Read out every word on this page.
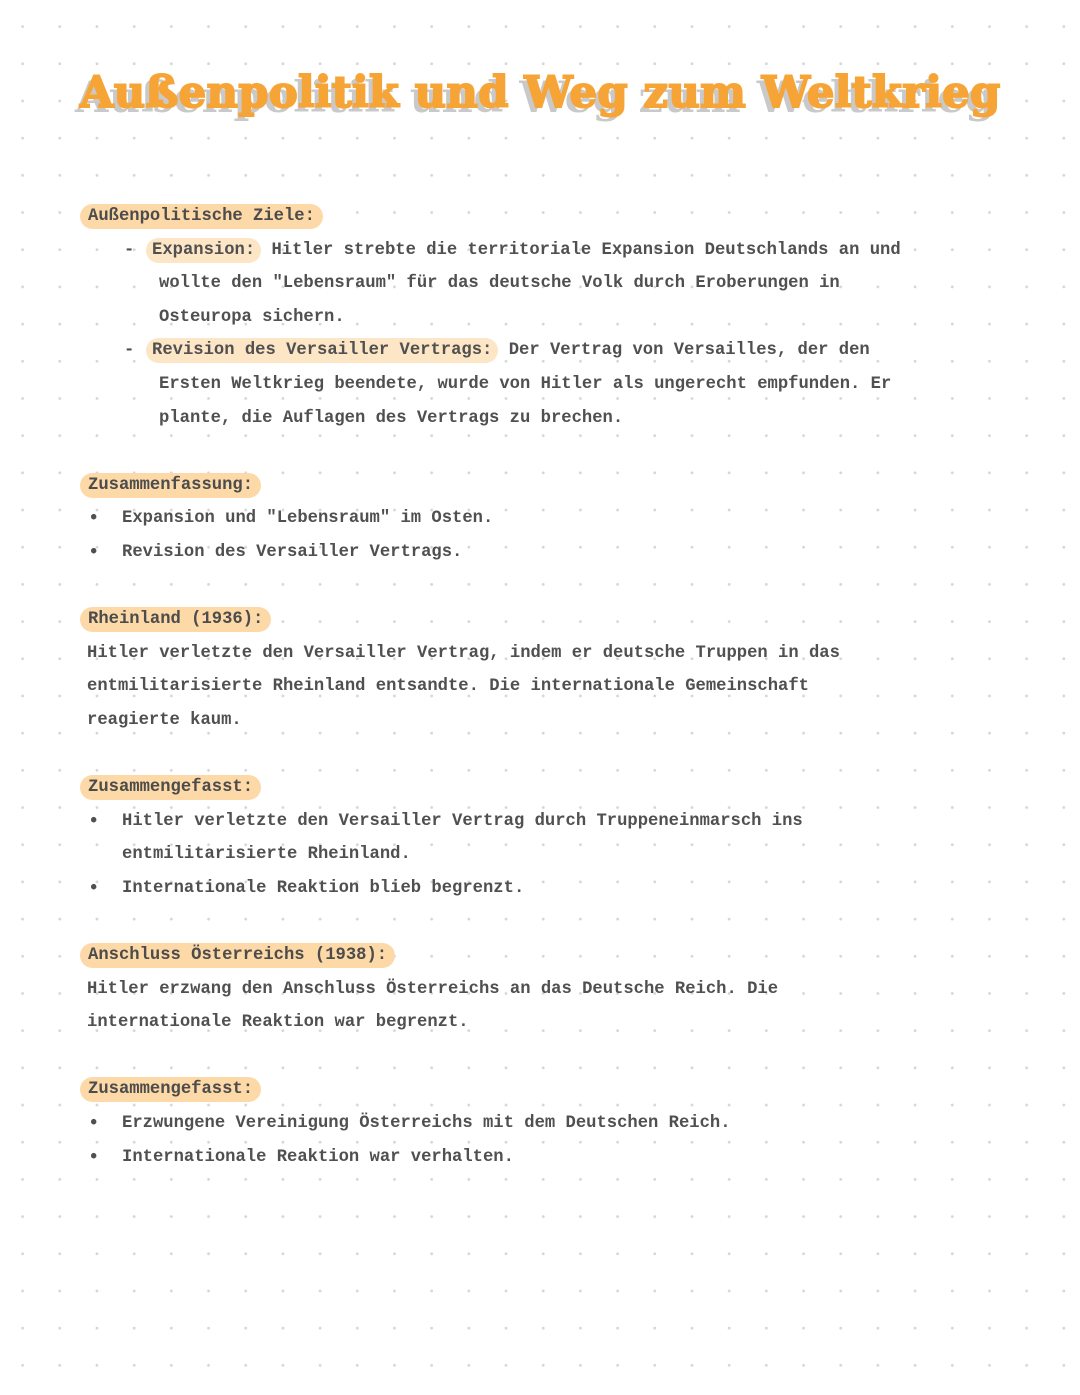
Außenpolitik und Weg zum Weltkrieg
Außenpolitische Ziele:
-	Expansion: Hitler strebte die territoriale Expansion Deutschlands an und
wollte den "Lebensraum" für das deutsche Volk durch Eroberungen in
Osteuropa sichern.
-	Revision des Versailler Vertrags: Der Vertrag von Versailles, der den
Ersten Weltkrieg beendete, wurde von Hitler als ungerecht empfunden. Er
plante, die Auflagen des Vertrags zu brechen.
Zusammenfassung:
• Expansion und "Lebensraum" im Osten.
• Revision des Versailler Vertrags.
Rheinland (1936):
Hitler verletzte den Versailler Vertrag, indem er deutsche Truppen in das
entmilitarisierte Rheinland entsandte. Die internationale Gemeinschaft
reagierte kaum.
Zusammengefasst:
• Hitler verletzte den Versailler Vertrag durch Truppeneinmarsch ins
entmilitarisierte Rheinland.
• Internationale Reaktion blieb begrenzt.
Anschluss Österreichs (1938):
Hitler erzwang den Anschluss Österreichs an das Deutsche Reich. Die
internationale Reaktion war begrenzt.
Zusammengefasst:
• Erzwungene Vereinigung Österreichs mit dem Deutschen Reich.
• Internationale Reaktion war verhalten.
